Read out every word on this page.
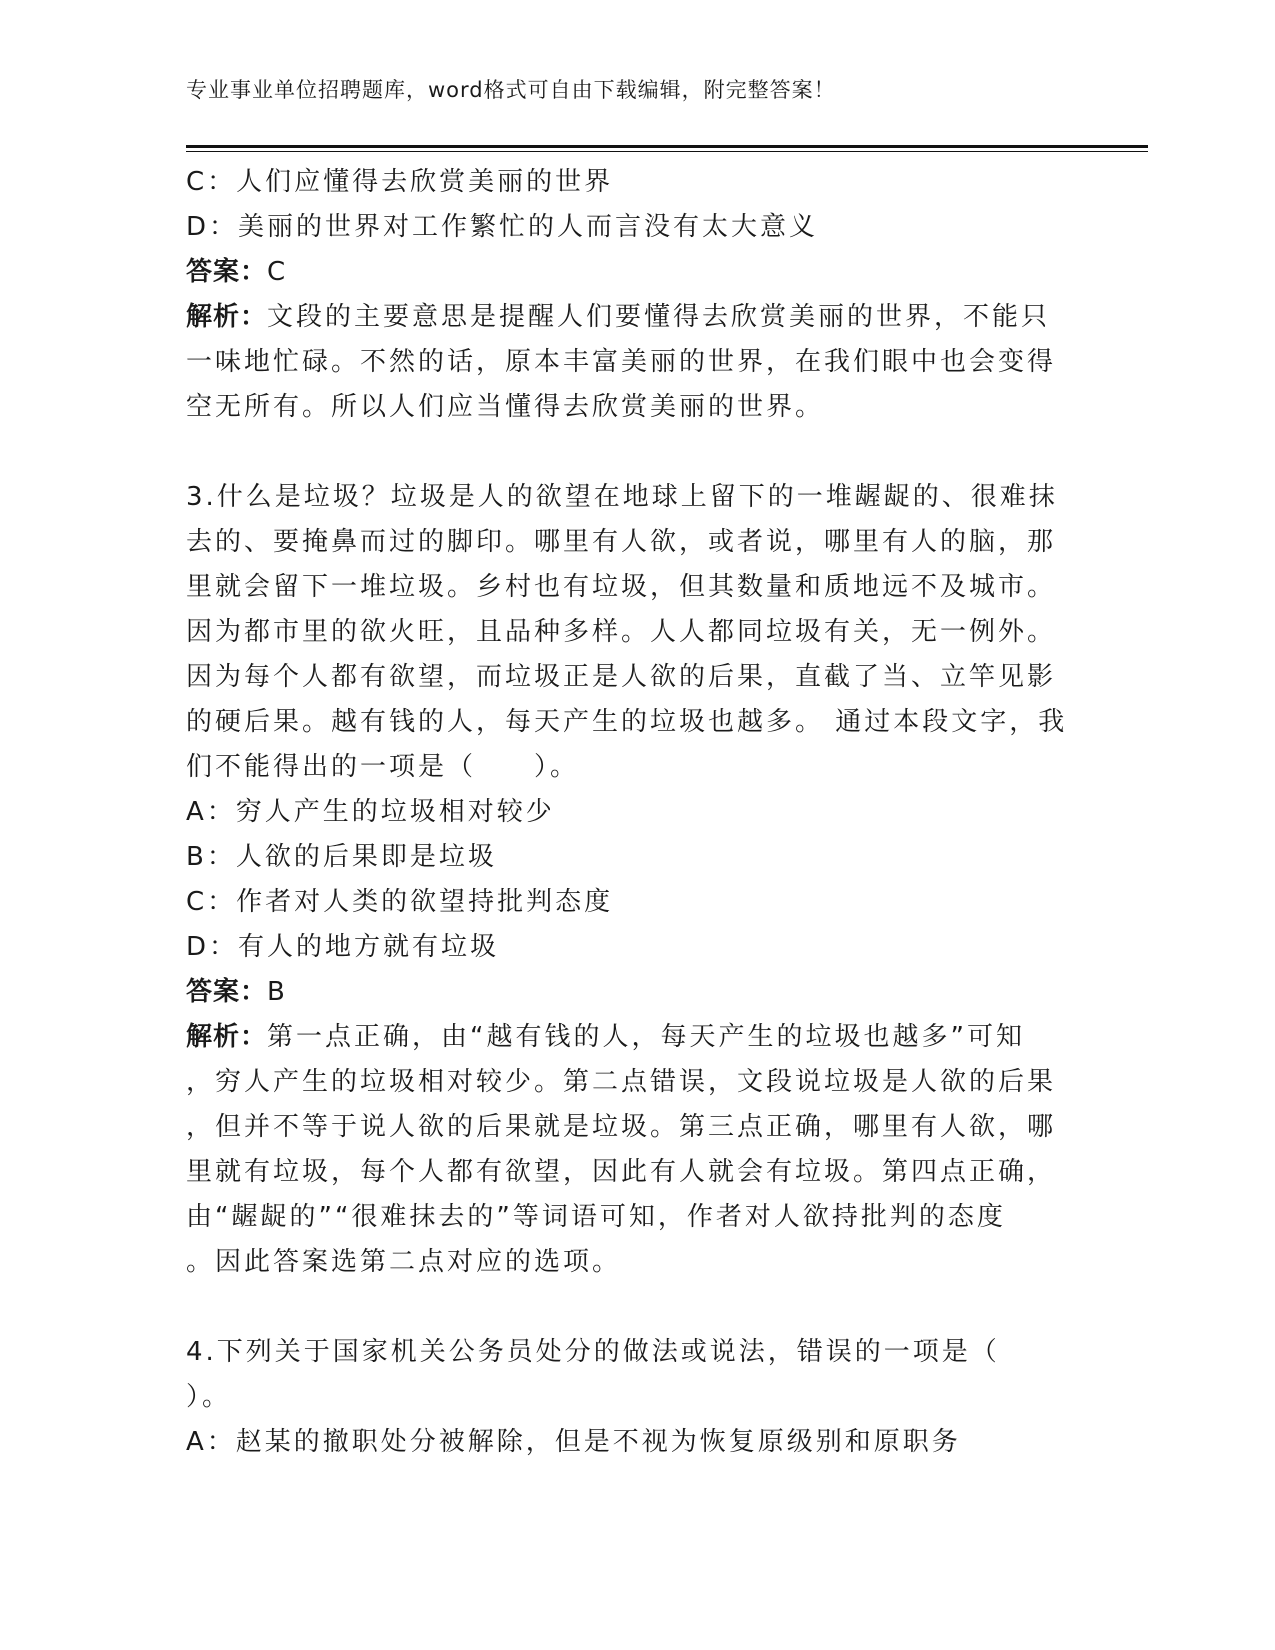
专业事业单位招聘题库，word格式可自由下载编辑，附完整答案！
C：人们应懂得去欣赏美丽的世界
D：美丽的世界对工作繁忙的人而言没有太大意义
答案：C
解析：文段的主要意思是提醒人们要懂得去欣赏美丽的世界，不能只
一味地忙碌。不然的话，原本丰富美丽的世界，在我们眼中也会变得
空无所有。所以人们应当懂得去欣赏美丽的世界。
3.什么是垃圾？垃圾是人的欲望在地球上留下的一堆龌龊的、很难抹
去的、要掩鼻而过的脚印。哪里有人欲，或者说，哪里有人的脑，那
里就会留下一堆垃圾。乡村也有垃圾，但其数量和质地远不及城市。
因为都市里的欲火旺，且品种多样。人人都同垃圾有关，无一例外。
因为每个人都有欲望，而垃圾正是人欲的后果，直截了当、立竿见影
的硬后果。越有钱的人，每天产生的垃圾也越多。 通过本段文字，我
们不能得出的一项是（　　）。
A：穷人产生的垃圾相对较少
B：人欲的后果即是垃圾
C：作者对人类的欲望持批判态度
D：有人的地方就有垃圾
答案：B
解析：第一点正确，由“越有钱的人，每天产生的垃圾也越多”可知
，穷人产生的垃圾相对较少。第二点错误，文段说垃圾是人欲的后果
，但并不等于说人欲的后果就是垃圾。第三点正确，哪里有人欲，哪
里就有垃圾，每个人都有欲望，因此有人就会有垃圾。第四点正确，
由“龌龊的”“很难抹去的”等词语可知，作者对人欲持批判的态度
。因此答案选第二点对应的选项。
4.下列关于国家机关公务员处分的做法或说法，错误的一项是（
）。
A：赵某的撤职处分被解除，但是不视为恢复原级别和原职务
